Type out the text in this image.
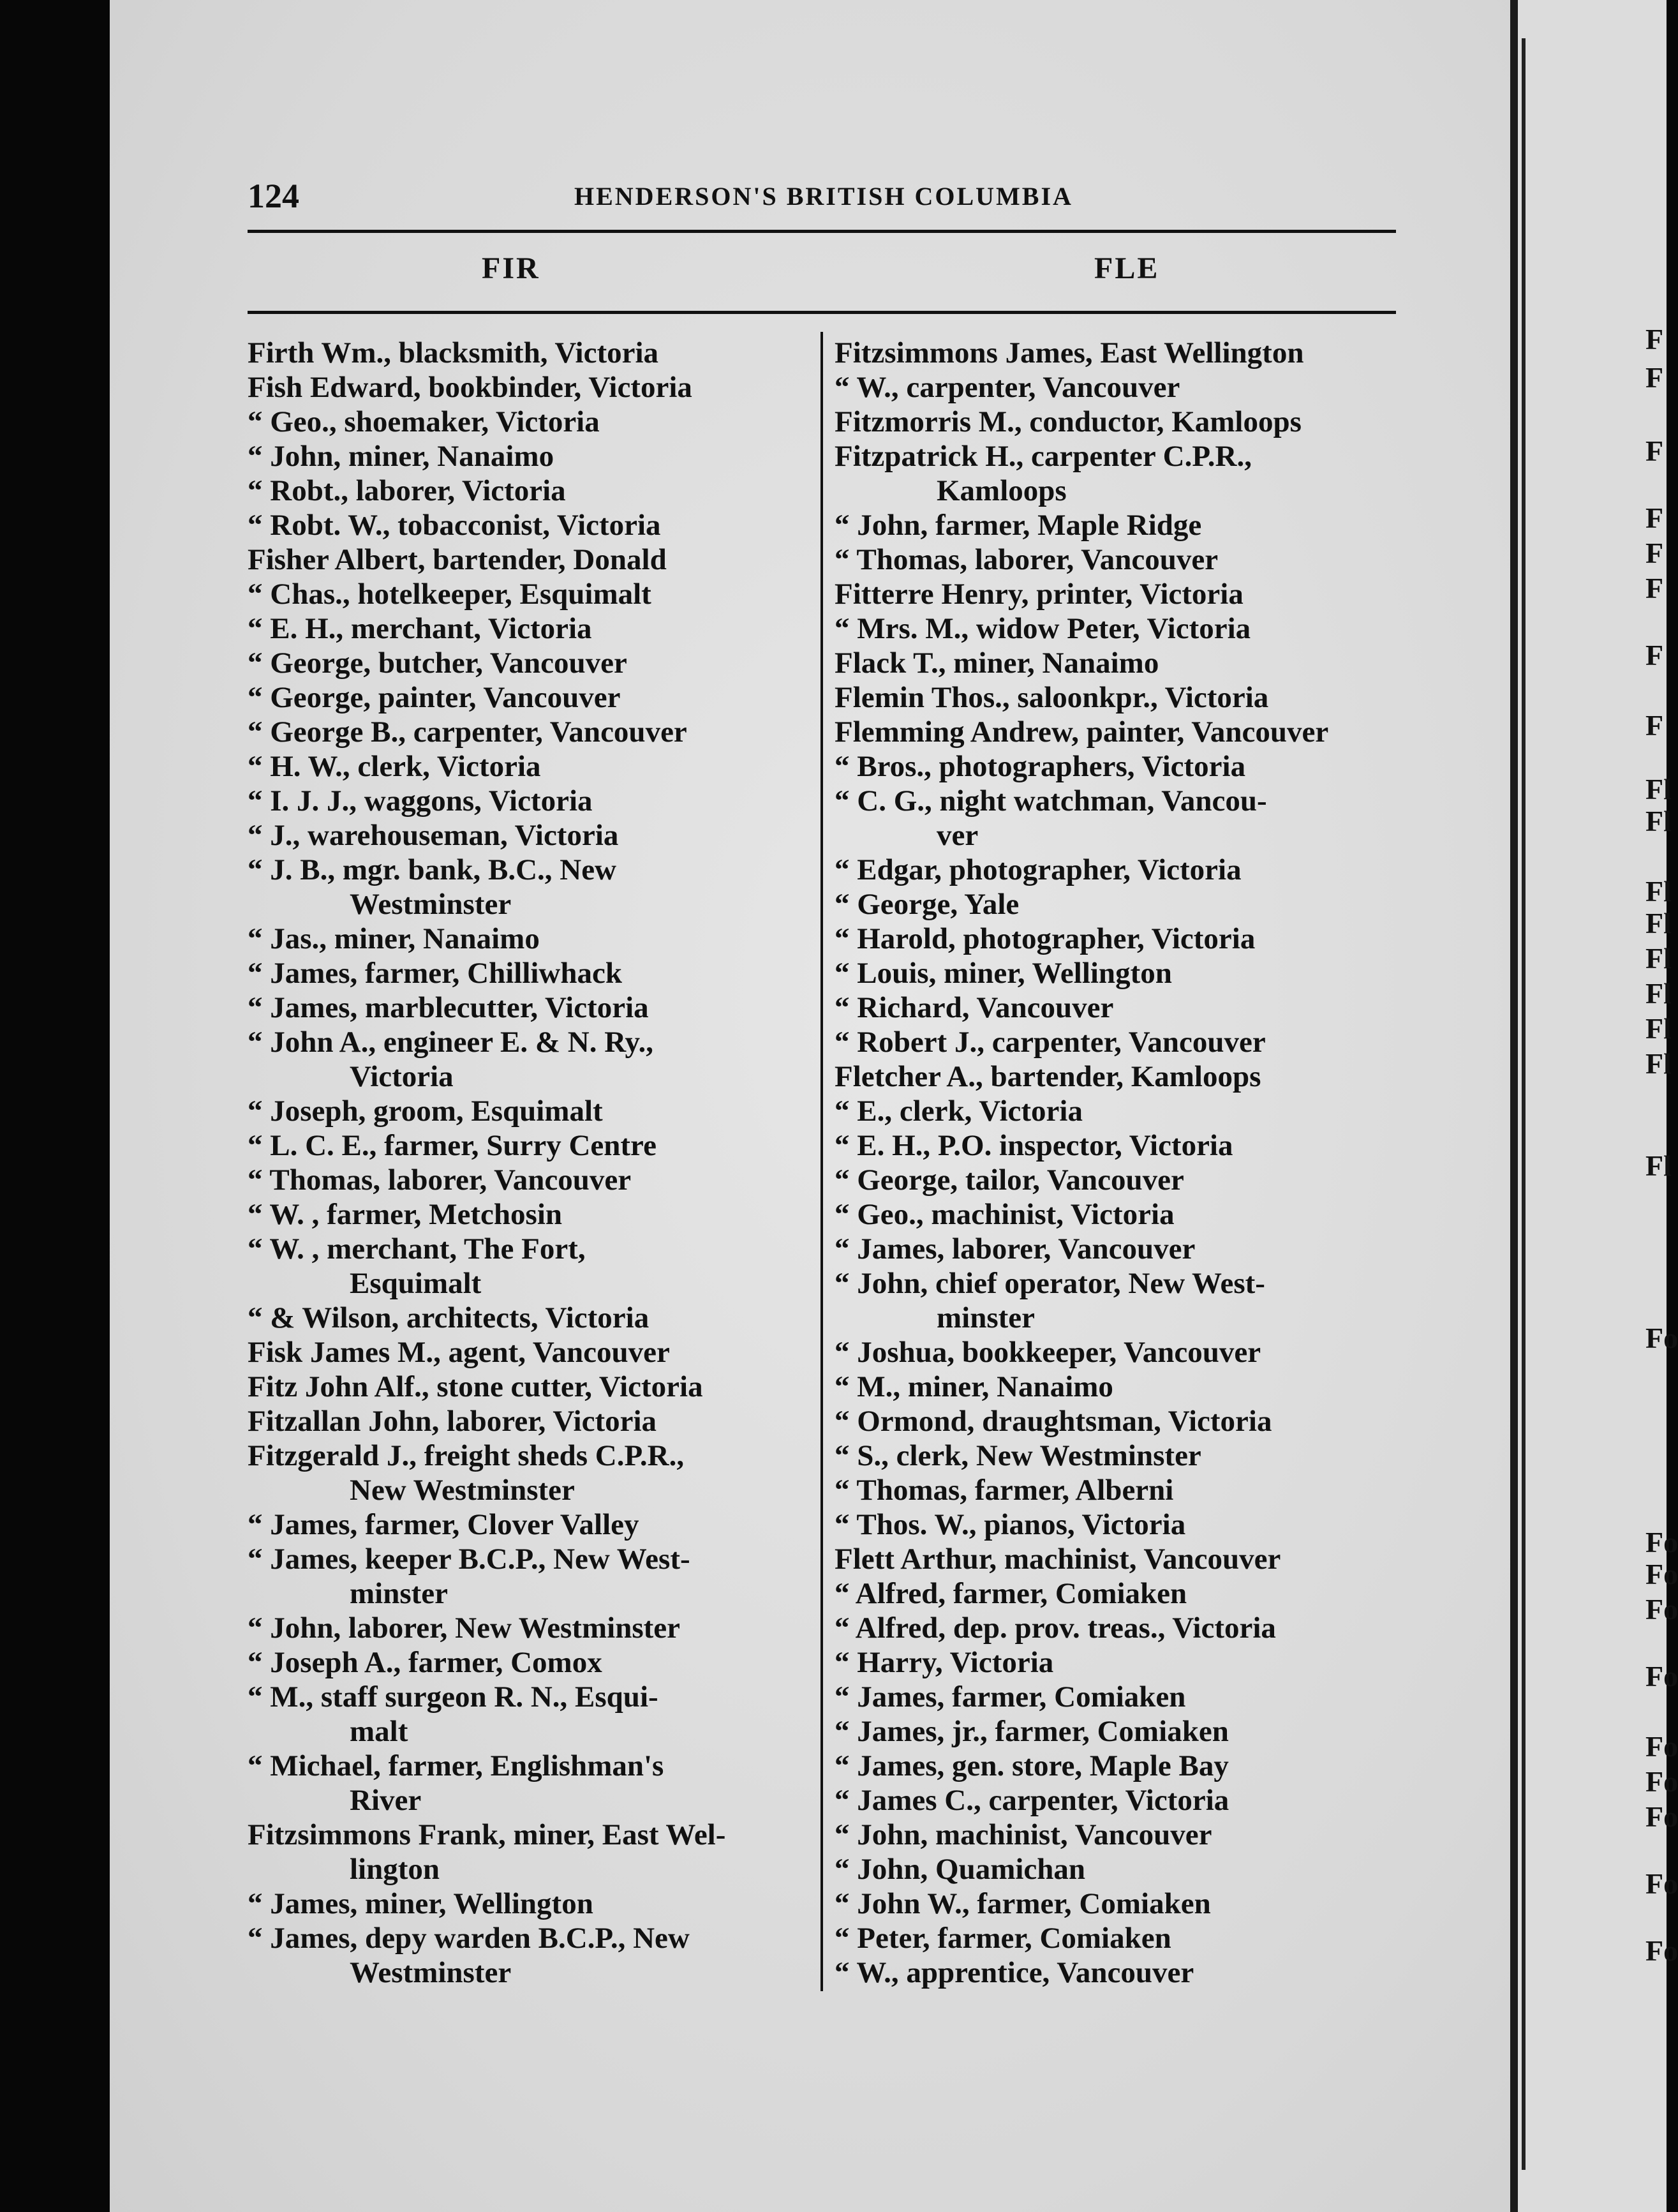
F
F
F
F
F
F
F
F
Fl
Fl
Fl
Fl
Fl
Fl
Fl
Fl
Fl
Fo
Fo
Fo
Fo
Fo
Fo
Fo
Fo
Fo
Fo
124	HENDERSON'S BRITISH COLUMBIA
FIR	FLE
Firth Wm., blacksmith, Victoria
Fish Edward, bookbinder, Victoria
“ Geo., shoemaker, Victoria
“ John, miner, Nanaimo
“ Robt., laborer, Victoria
“ Robt. W., tobacconist, Victoria
Fisher Albert, bartender, Donald
“ Chas., hotelkeeper, Esquimalt
“ E. H., merchant, Victoria
“ George, butcher, Vancouver
“ George, painter, Vancouver
“ George B., carpenter, Vancouver
“ H. W., clerk, Victoria
“ I. J. J., waggons, Victoria
“ J., warehouseman, Victoria
“ J. B., mgr. bank, B.C., New
Westminster
“ Jas., miner, Nanaimo
“ James, farmer, Chilliwhack
“ James, marblecutter, Victoria
“ John A., engineer E. & N. Ry.,
Victoria
“ Joseph, groom, Esquimalt
“ L. C. E., farmer, Surry Centre
“ Thomas, laborer, Vancouver
“ W. , farmer, Metchosin
“ W. , merchant, The Fort,
Esquimalt
“ & Wilson, architects, Victoria
Fisk James M., agent, Vancouver
Fitz John Alf., stone cutter, Victoria
Fitzallan John, laborer, Victoria
Fitzgerald J., freight sheds C.P.R.,
New Westminster
“ James, farmer, Clover Valley
“ James, keeper B.C.P., New West-
minster
“ John, laborer, New Westminster
“ Joseph A., farmer, Comox
“ M., staff surgeon R. N., Esqui-
malt
“ Michael, farmer, Englishman's
River
Fitzsimmons Frank, miner, East Wel-
lington
“ James, miner, Wellington
“ James, depy warden B.C.P., New
Westminster
Fitzsimmons James, East Wellington
“ W., carpenter, Vancouver
Fitzmorris M., conductor, Kamloops
Fitzpatrick H., carpenter C.P.R.,
Kamloops
“ John, farmer, Maple Ridge
“ Thomas, laborer, Vancouver
Fitterre Henry, printer, Victoria
“ Mrs. M., widow Peter, Victoria
Flack T., miner, Nanaimo
Flemin Thos., saloonkpr., Victoria
Flemming Andrew, painter, Vancouver
“ Bros., photographers, Victoria
“ C. G., night watchman, Vancou-
ver
“ Edgar, photographer, Victoria
“ George, Yale
“ Harold, photographer, Victoria
“ Louis, miner, Wellington
“ Richard, Vancouver
“ Robert J., carpenter, Vancouver
Fletcher A., bartender, Kamloops
“ E., clerk, Victoria
“ E. H., P.O. inspector, Victoria
“ George, tailor, Vancouver
“ Geo., machinist, Victoria
“ James, laborer, Vancouver
“ John, chief operator, New West-
minster
“ Joshua, bookkeeper, Vancouver
“ M., miner, Nanaimo
“ Ormond, draughtsman, Victoria
“ S., clerk, New Westminster
“ Thomas, farmer, Alberni
“ Thos. W., pianos, Victoria
Flett Arthur, machinist, Vancouver
“ Alfred, farmer, Comiaken
“ Alfred, dep. prov. treas., Victoria
“ Harry, Victoria
“ James, farmer, Comiaken
“ James, jr., farmer, Comiaken
“ James, gen. store, Maple Bay
“ James C., carpenter, Victoria
“ John, machinist, Vancouver
“ John, Quamichan
“ John W., farmer, Comiaken
“ Peter, farmer, Comiaken
“ W., apprentice, Vancouver
